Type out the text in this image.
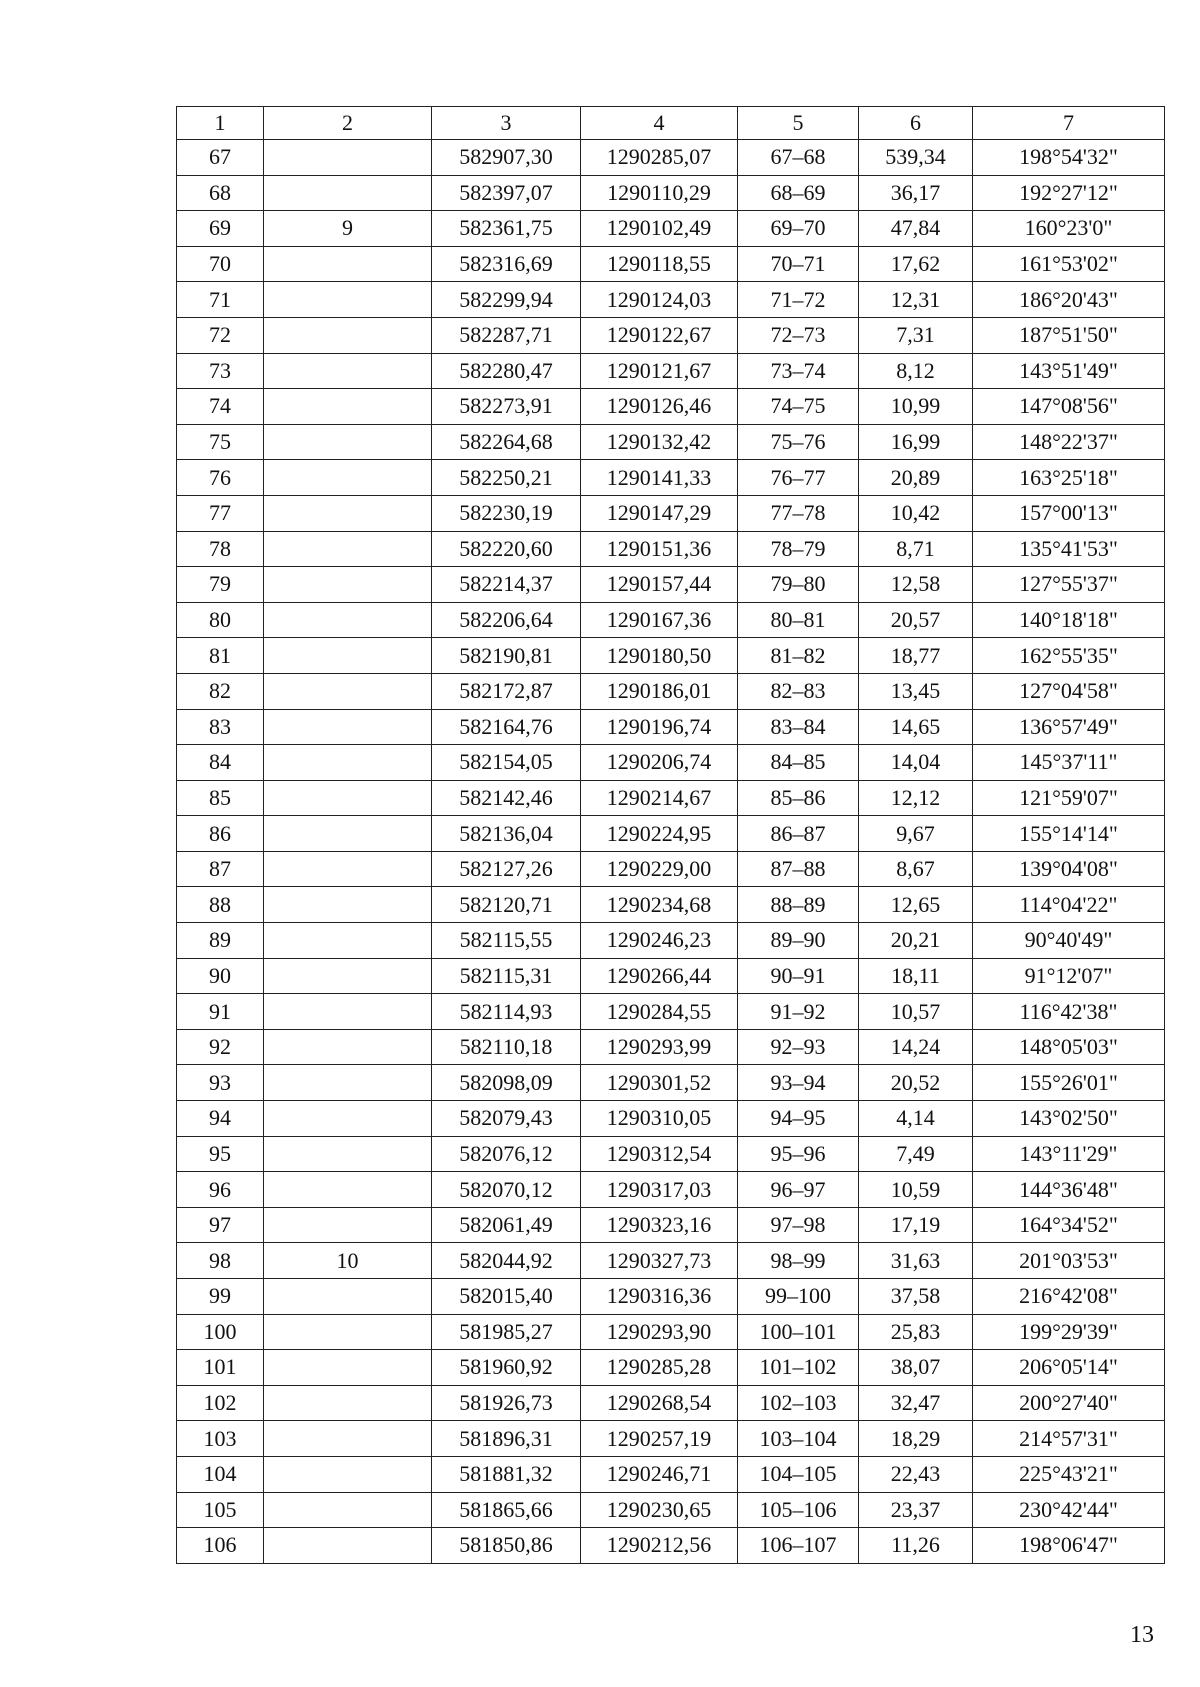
1	2	3	4	5	6	7
67		582907,30	1290285,07	67–68	539,34	198°54'32"
68		582397,07	1290110,29	68–69	36,17	192°27'12"
69	9	582361,75	1290102,49	69–70	47,84	160°23'0"
70		582316,69	1290118,55	70–71	17,62	161°53'02"
71		582299,94	1290124,03	71–72	12,31	186°20'43"
72		582287,71	1290122,67	72–73	7,31	187°51'50"
73		582280,47	1290121,67	73–74	8,12	143°51'49"
74		582273,91	1290126,46	74–75	10,99	147°08'56"
75		582264,68	1290132,42	75–76	16,99	148°22'37"
76		582250,21	1290141,33	76–77	20,89	163°25'18"
77		582230,19	1290147,29	77–78	10,42	157°00'13"
78		582220,60	1290151,36	78–79	8,71	135°41'53"
79		582214,37	1290157,44	79–80	12,58	127°55'37"
80		582206,64	1290167,36	80–81	20,57	140°18'18"
81		582190,81	1290180,50	81–82	18,77	162°55'35"
82		582172,87	1290186,01	82–83	13,45	127°04'58"
83		582164,76	1290196,74	83–84	14,65	136°57'49"
84		582154,05	1290206,74	84–85	14,04	145°37'11"
85		582142,46	1290214,67	85–86	12,12	121°59'07"
86		582136,04	1290224,95	86–87	9,67	155°14'14"
87		582127,26	1290229,00	87–88	8,67	139°04'08"
88		582120,71	1290234,68	88–89	12,65	114°04'22"
89		582115,55	1290246,23	89–90	20,21	90°40'49"
90		582115,31	1290266,44	90–91	18,11	91°12'07"
91		582114,93	1290284,55	91–92	10,57	116°42'38"
92		582110,18	1290293,99	92–93	14,24	148°05'03"
93		582098,09	1290301,52	93–94	20,52	155°26'01"
94		582079,43	1290310,05	94–95	4,14	143°02'50"
95		582076,12	1290312,54	95–96	7,49	143°11'29"
96		582070,12	1290317,03	96–97	10,59	144°36'48"
97		582061,49	1290323,16	97–98	17,19	164°34'52"
98	10	582044,92	1290327,73	98–99	31,63	201°03'53"
99		582015,40	1290316,36	99–100	37,58	216°42'08"
100		581985,27	1290293,90	100–101	25,83	199°29'39"
101		581960,92	1290285,28	101–102	38,07	206°05'14"
102		581926,73	1290268,54	102–103	32,47	200°27'40"
103		581896,31	1290257,19	103–104	18,29	214°57'31"
104		581881,32	1290246,71	104–105	22,43	225°43'21"
105		581865,66	1290230,65	105–106	23,37	230°42'44"
106		581850,86	1290212,56	106–107	11,26	198°06'47"
13
